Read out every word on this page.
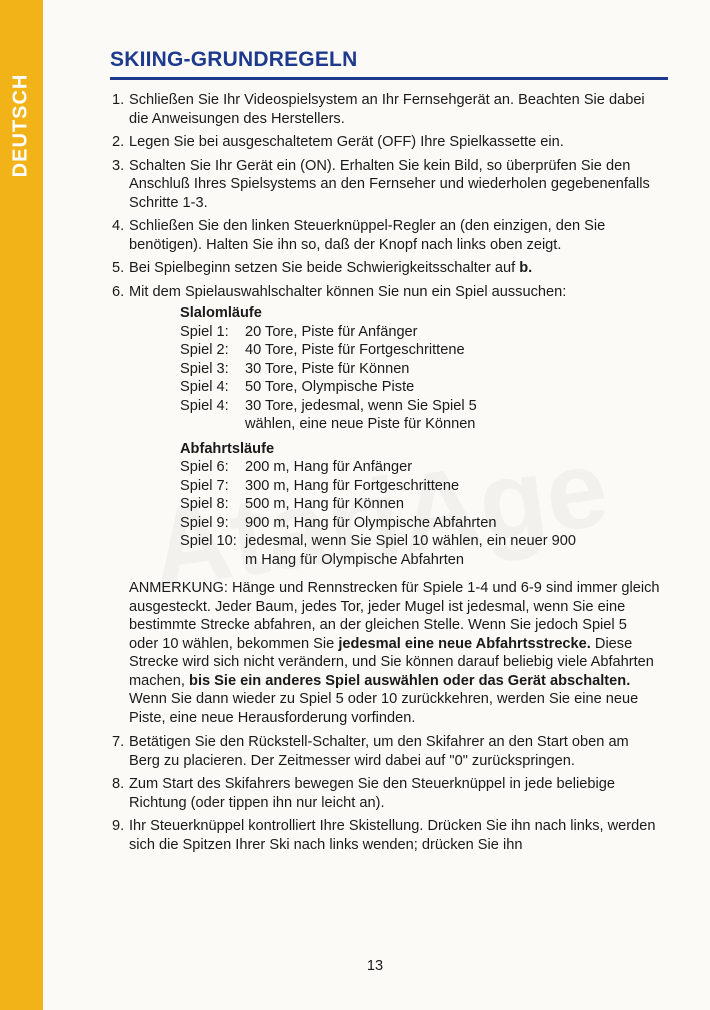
DEUTSCH
SKIING-GRUNDREGELN
1. Schließen Sie Ihr Videospielsystem an Ihr Fernsehgerät an. Beachten Sie dabei die Anweisungen des Herstellers.
2. Legen Sie bei ausgeschaltetem Gerät (OFF) Ihre Spielkassette ein.
3. Schalten Sie Ihr Gerät ein (ON). Erhalten Sie kein Bild, so überprüfen Sie den Anschluß Ihres Spielsystems an den Fernseher und wiederholen gegebenenfalls Schritte 1-3.
4. Schließen Sie den linken Steuerknüppel-Regler an (den einzigen, den Sie benötigen). Halten Sie ihn so, daß der Knopf nach links oben zeigt.
5. Bei Spielbeginn setzen Sie beide Schwierigkeitsschalter auf b.
6. Mit dem Spielauswahlschalter können Sie nun ein Spiel aussuchen:
Slalomläufe
Spiel 1:	20 Tore, Piste für Anfänger
Spiel 2:	40 Tore, Piste für Fortgeschrittene
Spiel 3:	30 Tore, Piste für Können
Spiel 4:	50 Tore, Olympische Piste
Spiel 4:	30 Tore, jedesmal, wenn Sie Spiel 5 wählen, eine neue Piste für Können
Abfahrtsläufe
Spiel 6:	200 m, Hang für Anfänger
Spiel 7:	300 m, Hang für Fortgeschrittene
Spiel 8:	500 m, Hang für Können
Spiel 9:	900 m, Hang für Olympische Abfahrten
Spiel 10: jedesmal, wenn Sie Spiel 10 wählen, ein neuer 900 m Hang für Olympische Abfahrten
ANMERKUNG: Hänge und Rennstrecken für Spiele 1-4 und 6-9 sind immer gleich ausgesteckt. Jeder Baum, jedes Tor, jeder Mugel ist jedesmal, wenn Sie eine bestimmte Strecke abfahren, an der gleichen Stelle. Wenn Sie jedoch Spiel 5 oder 10 wählen, bekommen Sie jedesmal eine neue Abfahrtsstrecke. Diese Strecke wird sich nicht verändern, und Sie können darauf beliebig viele Abfahrten machen, bis Sie ein anderes Spiel auswählen oder das Gerät abschalten. Wenn Sie dann wieder zu Spiel 5 oder 10 zurückkehren, werden Sie eine neue Piste, eine neue Herausforderung vorfinden.
7. Betätigen Sie den Rückstell-Schalter, um den Skifahrer an den Start oben am Berg zu placieren. Der Zeitmesser wird dabei auf "0" zurückspringen.
8. Zum Start des Skifahrers bewegen Sie den Steuerknüppel in jede beliebige Richtung (oder tippen ihn nur leicht an).
9. Ihr Steuerknüppel kontrolliert Ihre Skistellung. Drücken Sie ihn nach links, werden sich die Spitzen Ihrer Ski nach links wenden; drücken Sie ihn
13
